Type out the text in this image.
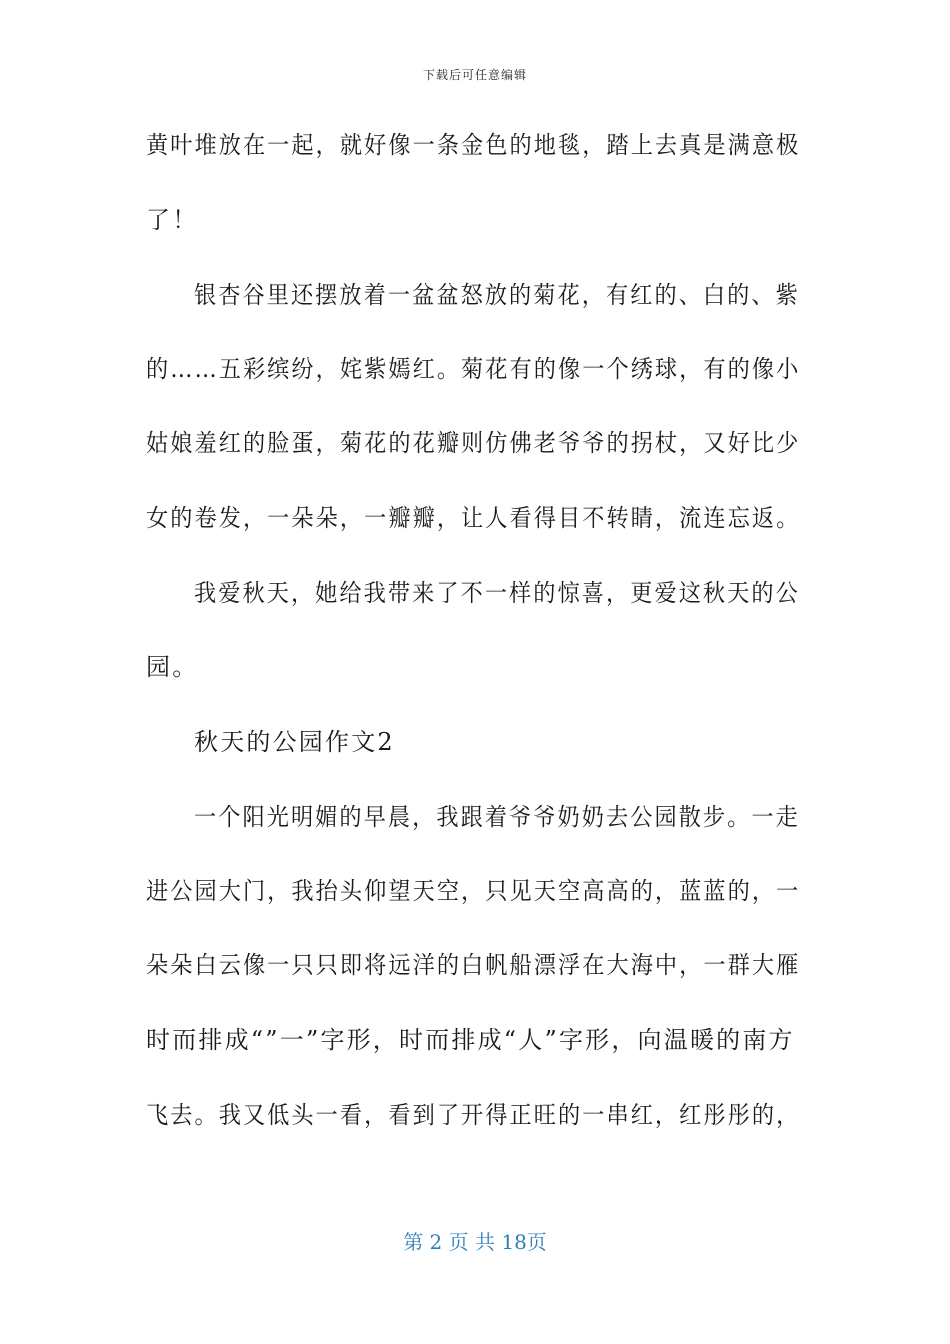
下载后可任意编辑
黄叶堆放在一起，就好像一条金色的地毯，踏上去真是满意极
了！
银杏谷里还摆放着一盆盆怒放的菊花，有红的、白的、紫
的……五彩缤纷，姹紫嫣红。菊花有的像一个绣球，有的像小
姑娘羞红的脸蛋，菊花的花瓣则仿佛老爷爷的拐杖，又好比少
女的卷发，一朵朵，一瓣瓣，让人看得目不转睛，流连忘返。
我爱秋天，她给我带来了不一样的惊喜，更爱这秋天的公
园。
秋天的公园作文2
一个阳光明媚的早晨，我跟着爷爷奶奶去公园散步。一走
进公园大门，我抬头仰望天空，只见天空高高的，蓝蓝的，一
朵朵白云像一只只即将远洋的白帆船漂浮在大海中，一群大雁
时而排成“”一”字形，时而排成“人”字形，向温暖的南方
飞去。我又低头一看，看到了开得正旺的一串红，红彤彤的，
第 2 页 共 18页
